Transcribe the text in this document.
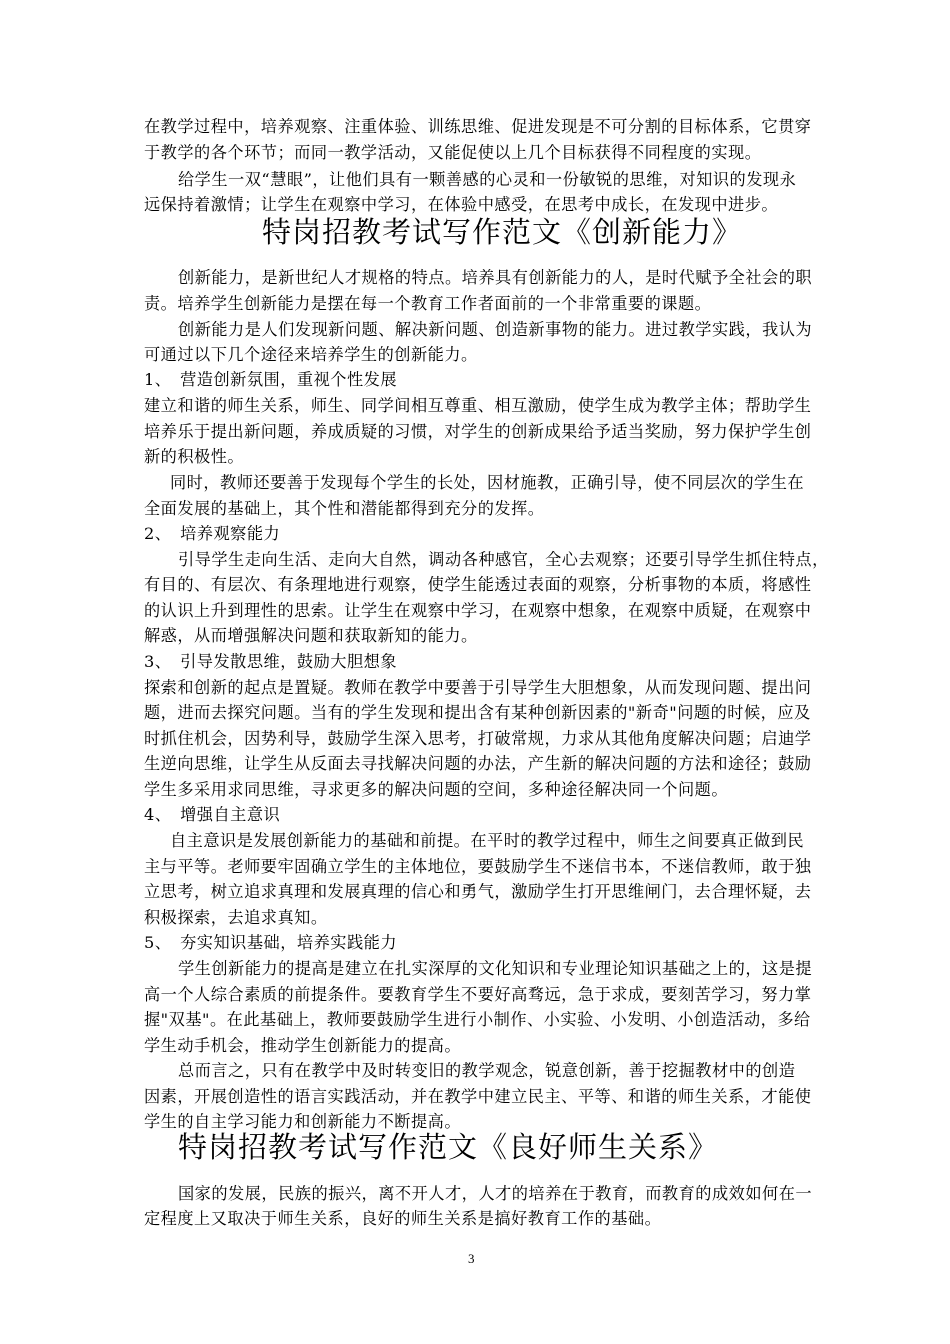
在教学过程中，培养观察、注重体验、训练思维、促进发现是不可分割的目标体系，它贯穿
于教学的各个环节；而同一教学活动，又能促使以上几个目标获得不同程度的实现。
给学生一双“慧眼”，让他们具有一颗善感的心灵和一份敏锐的思维，对知识的发现永
远保持着激情；让学生在观察中学习，在体验中感受，在思考中成长，在发现中进步。
特岗招教考试写作范文《创新能力》
创新能力，是新世纪人才规格的特点。培养具有创新能力的人，是时代赋予全社会的职
责。培养学生创新能力是摆在每一个教育工作者面前的一个非常重要的课题。
创新能力是人们发现新问题、解决新问题、创造新事物的能力。进过教学实践，我认为
可通过以下几个途径来培养学生的创新能力。
1、　营造创新氛围，重视个性发展
建立和谐的师生关系，师生、同学间相互尊重、相互激励，使学生成为教学主体；帮助学生
培养乐于提出新问题，养成质疑的习惯，对学生的创新成果给予适当奖励，努力保护学生创
新的积极性。
同时，教师还要善于发现每个学生的长处，因材施教，正确引导，使不同层次的学生在
全面发展的基础上，其个性和潜能都得到充分的发挥。
2、　培养观察能力
引导学生走向生活、走向大自然，调动各种感官，全心去观察；还要引导学生抓住特点，
有目的、有层次、有条理地进行观察，使学生能透过表面的观察，分析事物的本质，将感性
的认识上升到理性的思索。让学生在观察中学习，在观察中想象，在观察中质疑，在观察中
解惑，从而增强解决问题和获取新知的能力。
3、　引导发散思维，鼓励大胆想象
探索和创新的起点是置疑。教师在教学中要善于引导学生大胆想象，从而发现问题、提出问
题，进而去探究问题。当有的学生发现和提出含有某种创新因素的"新奇"问题的时候，应及
时抓住机会，因势利导，鼓励学生深入思考，打破常规，力求从其他角度解决问题；启迪学
生逆向思维，让学生从反面去寻找解决问题的办法，产生新的解决问题的方法和途径；鼓励
学生多采用求同思维，寻求更多的解决问题的空间，多种途径解决同一个问题。
4、　增强自主意识
自主意识是发展创新能力的基础和前提。在平时的教学过程中，师生之间要真正做到民
主与平等。老师要牢固确立学生的主体地位，要鼓励学生不迷信书本，不迷信教师，敢于独
立思考，树立追求真理和发展真理的信心和勇气，激励学生打开思维闸门，去合理怀疑，去
积极探索，去追求真知。
5、　夯实知识基础，培养实践能力
学生创新能力的提高是建立在扎实深厚的文化知识和专业理论知识基础之上的，这是提
高一个人综合素质的前提条件。要教育学生不要好高骛远，急于求成，要刻苦学习，努力掌
握"双基"。在此基础上，教师要鼓励学生进行小制作、小实验、小发明、小创造活动，多给
学生动手机会，推动学生创新能力的提高。
总而言之，只有在教学中及时转变旧的教学观念，锐意创新，善于挖掘教材中的创造
因素，开展创造性的语言实践活动，并在教学中建立民主、平等、和谐的师生关系，才能使
学生的自主学习能力和创新能力不断提高。
特岗招教考试写作范文《良好师生关系》
国家的发展，民族的振兴，离不开人才，人才的培养在于教育，而教育的成效如何在一
定程度上又取决于师生关系，良好的师生关系是搞好教育工作的基础。
3
